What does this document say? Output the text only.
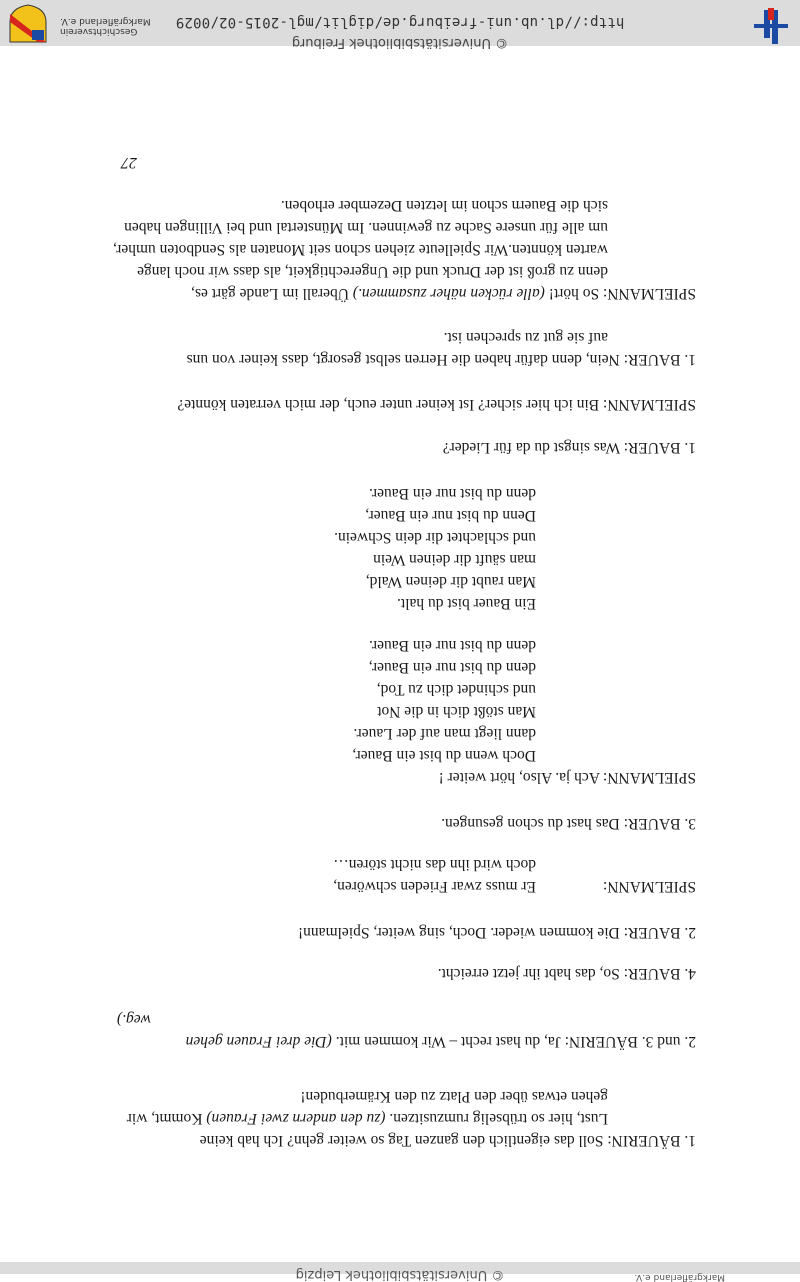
© Universitätsbibliothek Leipzig	Markgräflerland e.V.
1. BÄUERIN: Soll das eigentlich den ganzen Tag so weiter gehn? Ich hab keine
Lust, hier so trübselig rumzusitzen. (zu den andern zwei Frauen) Kommt, wir
gehen etwas über den Platz zu den Krämerbuden!
2. und 3. BÄUERIN: Ja, du hast recht – Wir kommen mit. (Die drei Frauen gehen
weg.)
4. BAUER: So, das habt ihr jetzt erreicht.
2. BAUER: Die kommen wieder. Doch, sing weiter, Spielmann!
SPIELMANN:
Er muss zwar Frieden schwören,
doch wird ihn das nicht stören…
3. BAUER: Das hast du schon gesungen.
SPIELMANN: Ach ja. Also, hört weiter !
Doch wenn du bist ein Bauer,
dann liegt man auf der Lauer.
Man stößt dich in die Not
und schindet dich zu Tod,
denn du bist nur ein Bauer,
denn du bist nur ein Bauer.
Ein Bauer bist du halt.
Man raubt dir deinen Wald,
man säuft dir deinen Wein
und schlachtet dir dein Schwein.
Denn du bist nur ein Bauer,
denn du bist nur ein Bauer.
1. BAUER: Was singst du da für Lieder?
SPIELMANN: Bin ich hier sicher? Ist keiner unter euch, der mich verraten könnte?
1. BAUER: Nein, denn dafür haben die Herren selbst gesorgt, dass keiner von uns
auf sie gut zu sprechen ist.
SPIELMANN: So hört! (alle rücken näher zusammen.) Überall im Lande gärt es,
denn zu groß ist der Druck und die Ungerechtigkeit, als dass wir noch lange
warten könnten.Wir Spielleute ziehen schon seit Monaten als Sendboten umher,
um alle für unsere Sache zu gewinnen. Im Münstertal und bei Villingen haben
sich die Bauern schon im letzten Dezember erhoben.
27
© Universitätsbibliothek Freiburg
http://dl.ub.uni-freiburg.de/diglit/mgl-2015-02/0029
Geschichtsverein
Markgräflerland e.V.
